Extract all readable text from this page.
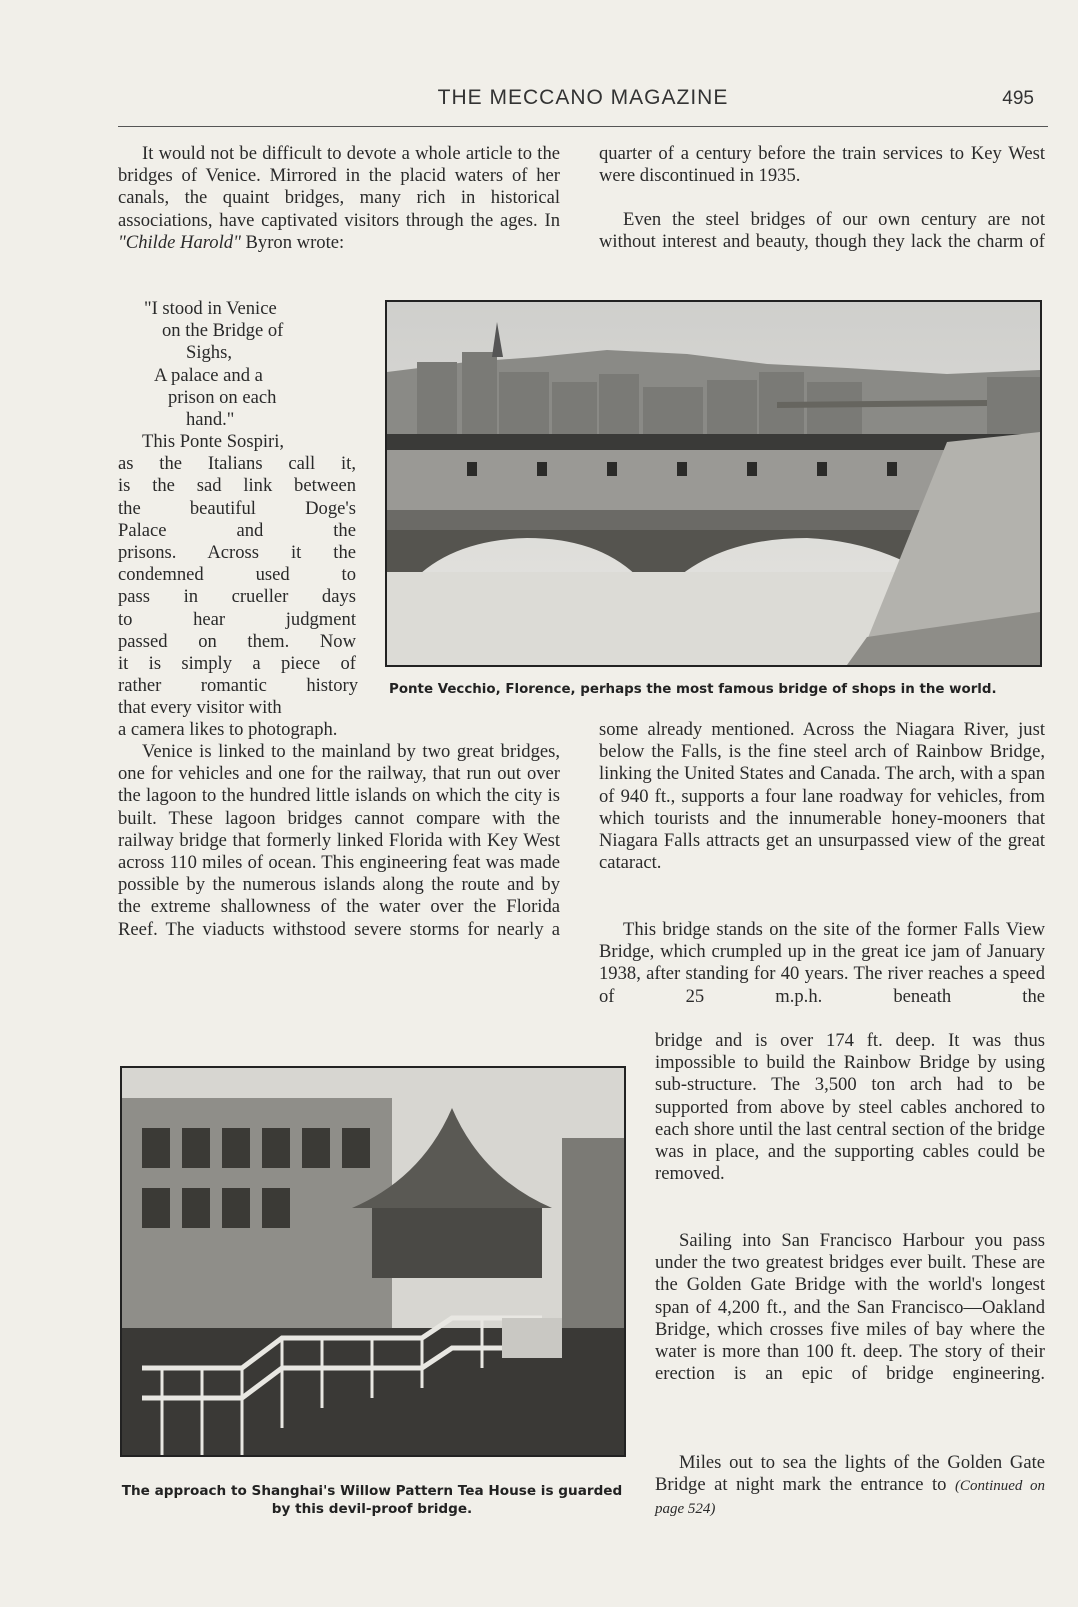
THE MECCANO MAGAZINE	495

It would not be difficult to devote a whole article to the bridges of Venice. Mirrored in the placid waters of her canals, the quaint bridges, many rich in historical associations, have captivated visitors through the ages. In "Childe Harold" Byron wrote:

"I stood in Venice
on the Bridge of
Sighs,
A palace and a
prison on each
hand."
This Ponte Sospiri,
as the Italians call it,
is the sad link between
the beautiful Doge's
Palace and the
prisons. Across it the
condemned used to
pass in crueller days
to hear judgment
passed on them. Now
it is simply a piece of
rather romantic history
that every visitor with
a camera likes to photograph.

Venice is linked to the mainland by two great bridges, one for vehicles and one for the railway, that run out over the lagoon to the hundred little islands on which the city is built. These lagoon bridges cannot compare with the railway bridge that formerly linked Florida with Key West across 110 miles of ocean. This engineering feat was made possible by the numerous islands along the route and by the extreme shallowness of the water over the Florida Reef. The viaducts withstood severe storms for nearly a

quarter of a century before the train services to Key West were discontinued in 1935.

Even the steel bridges of our own century are not without interest and beauty, though they lack the charm of

Ponte Vecchio, Florence, perhaps the most famous bridge of shops in the world.

some already mentioned. Across the Niagara River, just below the Falls, is the fine steel arch of Rainbow Bridge, linking the United States and Canada. The arch, with a span of 940 ft., supports a four lane roadway for vehicles, from which tourists and the innumerable honey-mooners that Niagara Falls attracts get an unsurpassed view of the great cataract.

This bridge stands on the site of the former Falls View Bridge, which crumpled up in the great ice jam of January 1938, after standing for 40 years. The river reaches a speed of 25 m.p.h. beneath the

bridge and is over 174 ft. deep. It was thus impossible to build the Rainbow Bridge by using sub-structure. The 3,500 ton arch had to be supported from above by steel cables anchored to each shore until the last central section of the bridge was in place, and the supporting cables could be removed.

Sailing into San Francisco Harbour you pass under the two greatest bridges ever built. These are the Golden Gate Bridge with the world's longest span of 4,200 ft., and the San Francisco—Oakland Bridge, which crosses five miles of bay where the water is more than 100 ft. deep. The story of their erection is an epic of bridge engineering.

Miles out to sea the lights of the Golden Gate Bridge at night mark the entrance to (Continued on page 524)

The approach to Shanghai's Willow Pattern Tea House is guarded by this devil-proof bridge.
